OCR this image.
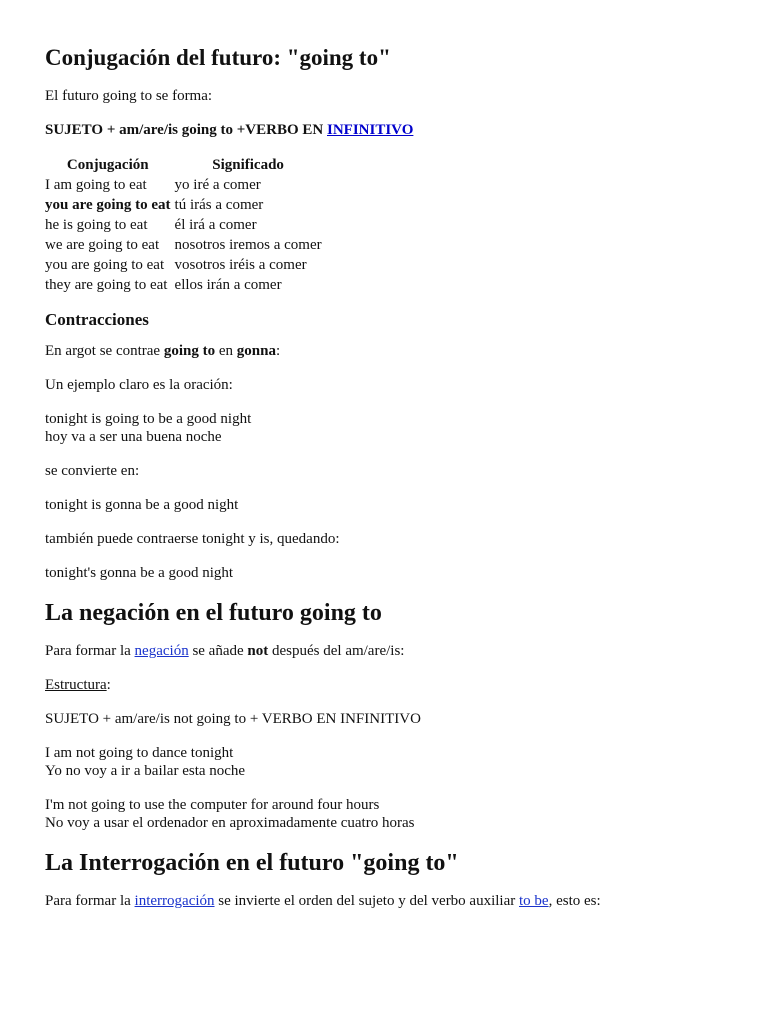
Conjugación del futuro: "going to"

El futuro going to se forma:

SUJETO + am/are/is going to +VERBO EN INFINITIVO

Conjugación	Significado
I am going to eat	yo iré a comer
you are going to eat	tú irás a comer
he is going to eat	él irá a comer
we are going to eat	nosotros iremos a comer
you are going to eat	vosotros iréis a comer
they are going to eat	ellos irán a comer
Contracciones

En argot se contrae going to en gonna:

Un ejemplo claro es la oración:

tonight is going to be a good night
hoy va a ser una buena noche

se convierte en:

tonight is gonna be a good night

también puede contraerse tonight y is, quedando:

tonight's gonna be a good night

La negación en el futuro going to

Para formar la negación se añade not después del am/are/is:

Estructura:

SUJETO + am/are/is not going to + VERBO EN INFINITIVO

I am not going to dance tonight
Yo no voy a ir a bailar esta noche

I'm not going to use the computer for around four hours
No voy a usar el ordenador en aproximadamente cuatro horas

La Interrogación en el futuro "going to"

Para formar la interrogación se invierte el orden del sujeto y del verbo auxiliar to be, esto es:
